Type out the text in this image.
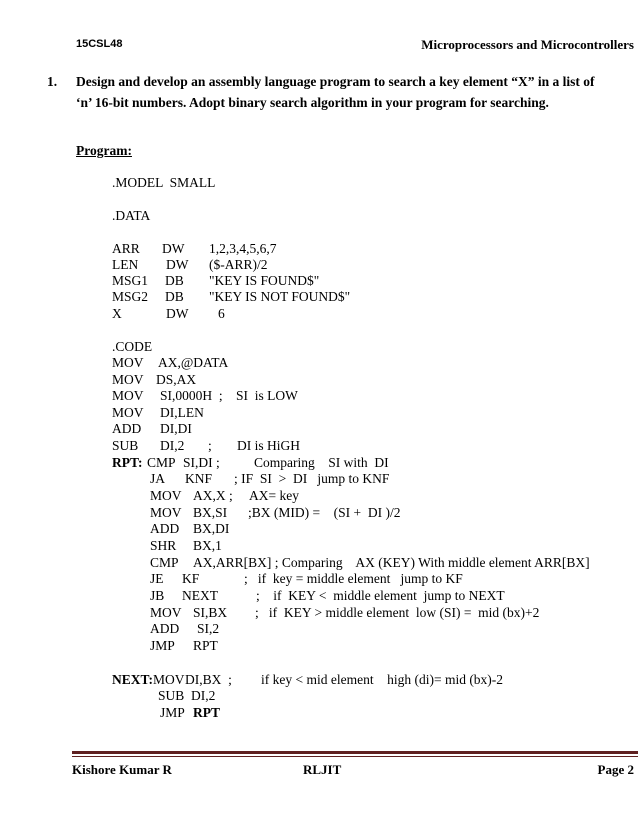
15CSL48	Microprocessors and Microcontrollers
1. Design and develop an assembly language program to search a key element “X” in a list of
‘n’ 16-bit numbers. Adopt binary search algorithm in your program for searching.
Program:
.MODEL  SMALL
.DATA
ARR DW 1,2,3,4,5,6,7
LEN DW ($-ARR)/2
MSG1 DB "KEY IS FOUND$"
MSG2 DB "KEY IS NOT FOUND$"
X	DW 6
.CODE
MOV AX,@DATA
MOV DS,AX
MOV SI,0000H  ; SI  is LOW
MOV DI,LEN
ADD DI,DI
SUB DI,2       ; DI is HiGH
RPT: CMP SI,DI ;	Comparing    SI with  DI
JA KNF ; IF  SI  >  DI   jump to KNF
MOV AX,X ; AX= key
MOV BX,SI ;BX (MID) =    (SI +  DI )/2
ADD BX,DI
SHR BX,1
CMP AX,ARR[BX] ; Comparing    AX (KEY) With middle element ARR[BX]
JE KF	;   if  key = middle element   jump to KF
JB NEXT	;    if  KEY <  middle element  jump to NEXT
MOV SI,BX ;   if  KEY > middle element  low (SI) =  mid (bx)+2
ADD SI,2
JMP RPT
NEXT: MOV DI,BX  ; if key < mid element    high (di)= mid (bx)-2
SUB  DI,2
JMP RPT
Kishore Kumar R	RLJIT	Page 2
